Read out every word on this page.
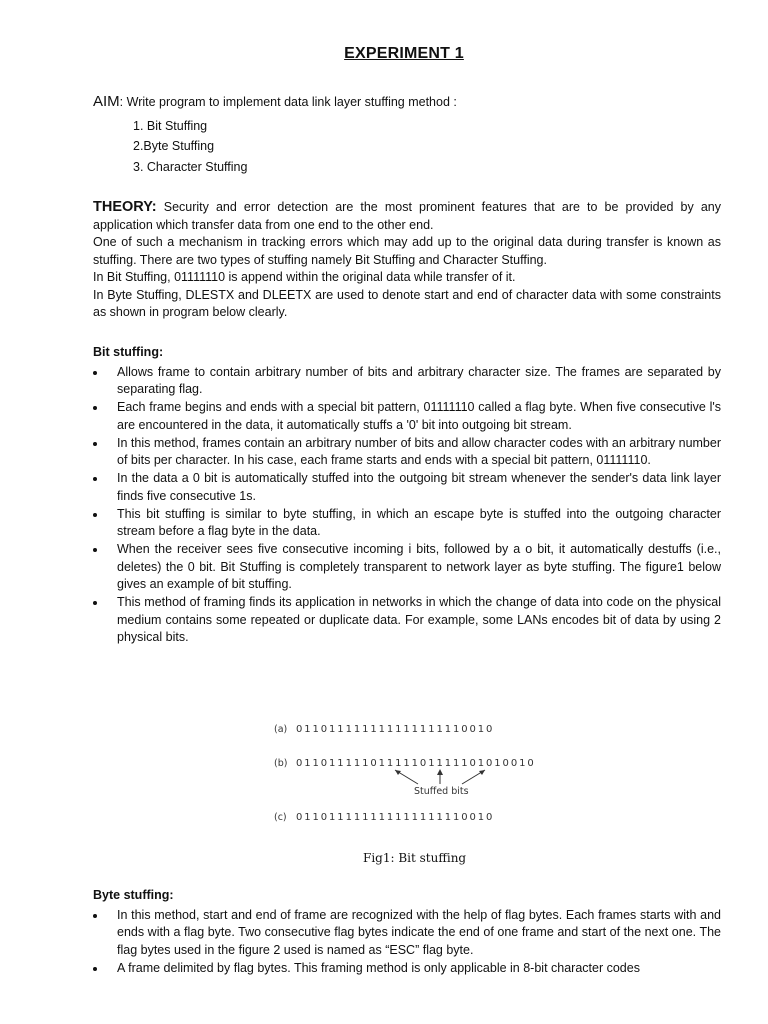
EXPERIMENT 1
AIM: Write program to implement data link layer stuffing method :
1. Bit Stuffing
2.Byte Stuffing
3. Character Stuffing

THEORY: Security and error detection are the most prominent features that are to be provided by any application which transfer data from one end to the other end.

One of such a mechanism in tracking errors which may add up to the original data during transfer is known as stuffing. There are two types of stuffing namely Bit Stuffing and Character Stuffing.

In Bit Stuffing, 01111110 is append within the original data while transfer of it.

In Byte Stuffing, DLESTX and DLEETX are used to denote start and end of character data with some constraints as shown in program below clearly.

Bit stuffing:
Allows frame to contain arbitrary number of bits and arbitrary character size. The frames are separated by separating flag.
Each frame begins and ends with a special bit pattern, 01111110 called a flag byte. When five consecutive l's are encountered in the data, it automatically stuffs a '0' bit into outgoing bit stream.
In this method, frames contain an arbitrary number of bits and allow character codes with an arbitrary number of bits per character. In his case, each frame starts and ends with a special bit pattern, 01111110.
In the data a 0 bit is automatically stuffed into the outgoing bit stream whenever the sender's data link layer finds five consecutive 1s.
This bit stuffing is similar to byte stuffing, in which an escape byte is stuffed into the outgoing character stream before a flag byte in the data.
When the receiver sees five consecutive incoming i bits, followed by a o bit, it automatically destuffs (i.e., deletes) the 0 bit. Bit Stuffing is completely transparent to network layer as byte stuffing. The figure1 below gives an example of bit stuffing.
This method of framing finds its application in networks in which the change of data into code on the physical medium contains some repeated or duplicate data. For example, some LANs encodes bit of data by using 2 physical bits.
(a) 011011111111111111110010
(b) 01101111101111101111101010010
Stuffed bits
(c) 011011111111111111110010
Fig1: Bit stuffing
Byte stuffing:
In this method, start and end of frame are recognized with the help of flag bytes. Each frames starts with and ends with a flag byte. Two consecutive flag bytes indicate the end of one frame and start of the next one. The flag bytes used in the figure 2 used is named as “ESC” flag byte.
A frame delimited by flag bytes. This framing method is only applicable in 8-bit character codes
